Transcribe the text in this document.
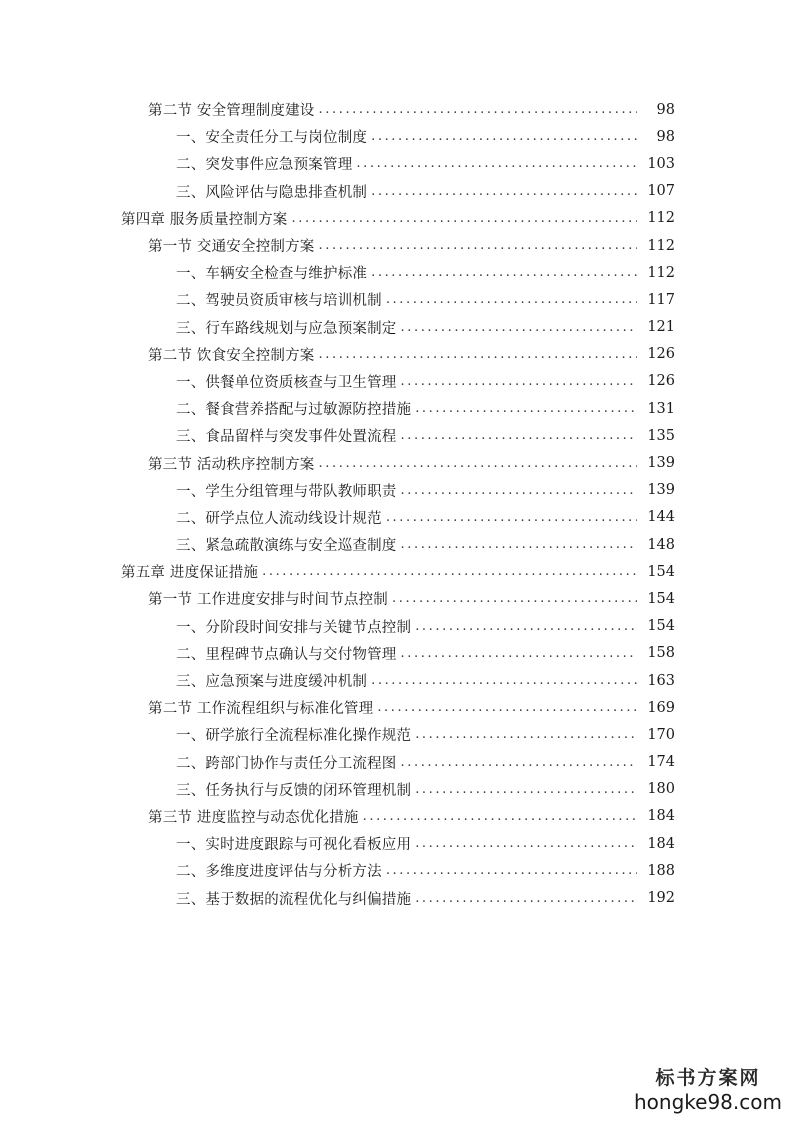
第二节 安全管理制度建设 .....	98
一、安全责任分工与岗位制度 .....	98
二、突发事件应急预案管理 .....	103
三、风险评估与隐患排查机制 .....	107
第四章 服务质量控制方案 .....	112
第一节 交通安全控制方案 .....	112
一、车辆安全检查与维护标准 .....	112
二、驾驶员资质审核与培训机制 .....	117
三、行车路线规划与应急预案制定 .....	121
第二节 饮食安全控制方案 .....	126
一、供餐单位资质核查与卫生管理 .....	126
二、餐食营养搭配与过敏源防控措施 .....	131
三、食品留样与突发事件处置流程 .....	135
第三节 活动秩序控制方案 .....	139
一、学生分组管理与带队教师职责 .....	139
二、研学点位人流动线设计规范 .....	144
三、紧急疏散演练与安全巡查制度 .....	148
第五章 进度保证措施 .....	154
第一节 工作进度安排与时间节点控制 .....	154
一、分阶段时间安排与关键节点控制 .....	154
二、里程碑节点确认与交付物管理 .....	158
三、应急预案与进度缓冲机制 .....	163
第二节 工作流程组织与标准化管理 .....	169
一、研学旅行全流程标准化操作规范 .....	170
二、跨部门协作与责任分工流程图 .....	174
三、任务执行与反馈的闭环管理机制 .....	180
第三节 进度监控与动态优化措施 .....	184
一、实时进度跟踪与可视化看板应用 .....	184
二、多维度进度评估与分析方法 .....	188
三、基于数据的流程优化与纠偏措施 .....	192
标书方案网
hongke98.com
